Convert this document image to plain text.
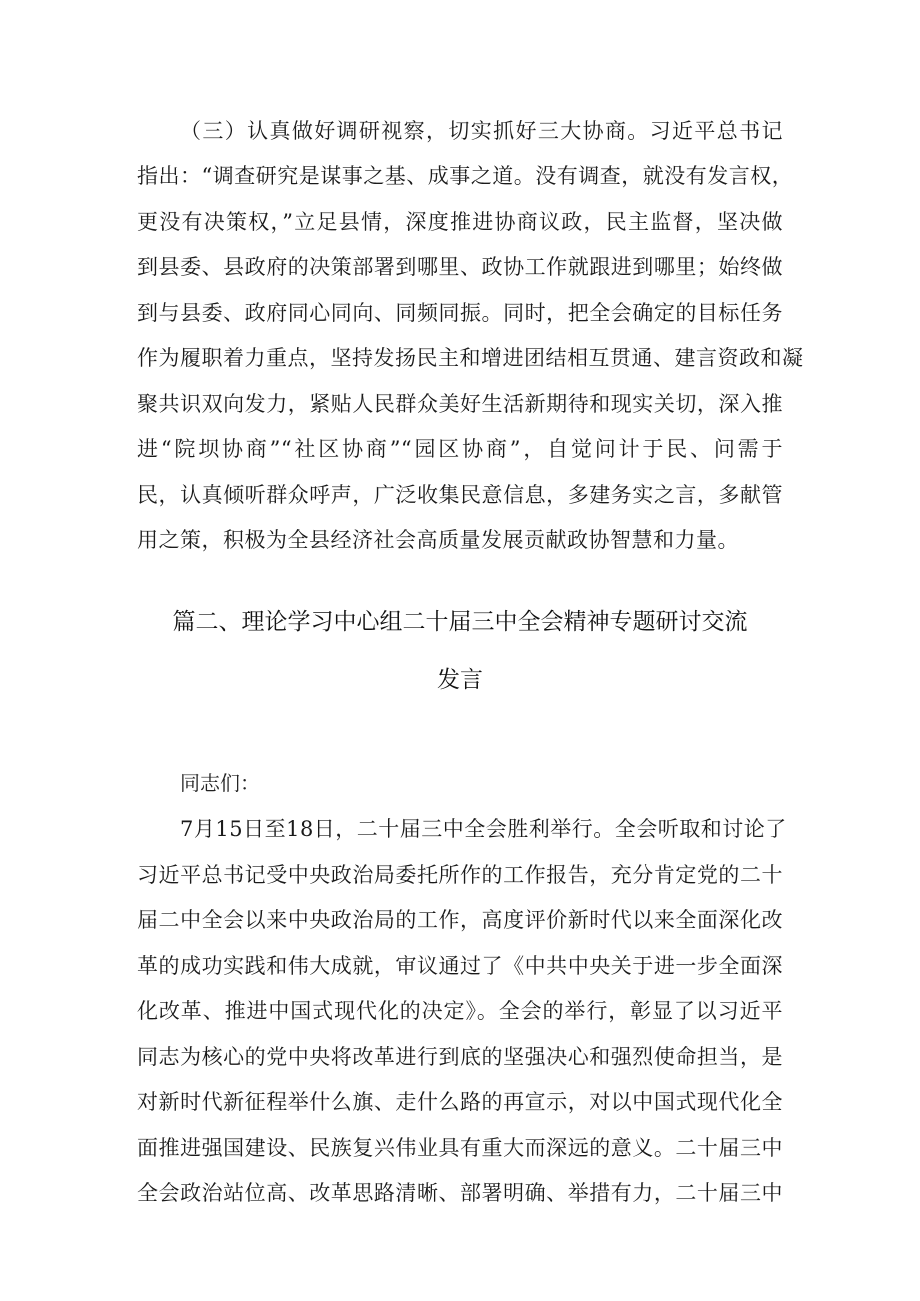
（三）认真做好调研视察，切实抓好三大协商。习近平总书记
指出：“调查研究是谋事之基、成事之道。没有调查，就没有发言权，
更没有决策权，”立足县情，深度推进协商议政，民主监督，坚决做
到县委、县政府的决策部署到哪里、政协工作就跟进到哪里；始终做
到与县委、政府同心同向、同频同振。同时，把全会确定的目标任务
作为履职着力重点，坚持发扬民主和增进团结相互贯通、建言资政和凝
聚共识双向发力，紧贴人民群众美好生活新期待和现实关切，深入推
进“院坝协商”“社区协商”“园区协商”，自觉问计于民、问需于
民，认真倾听群众呼声，广泛收集民意信息，多建务实之言，多献管
用之策，积极为全县经济社会高质量发展贡献政协智慧和力量。
篇二、理论学习中心组二十届三中全会精神专题研讨交流
发言
同志们：
7月15日至18日，二十届三中全会胜利举行。全会听取和讨论了
习近平总书记受中央政治局委托所作的工作报告，充分肯定党的二十
届二中全会以来中央政治局的工作，高度评价新时代以来全面深化改
革的成功实践和伟大成就，审议通过了《中共中央关于进一步全面深
化改革、推进中国式现代化的决定》。全会的举行，彰显了以习近平
同志为核心的党中央将改革进行到底的坚强决心和强烈使命担当，是
对新时代新征程举什么旗、走什么路的再宣示，对以中国式现代化全
面推进强国建设、民族复兴伟业具有重大而深远的意义。二十届三中
全会政治站位高、改革思路清晰、部署明确、举措有力，二十届三中
